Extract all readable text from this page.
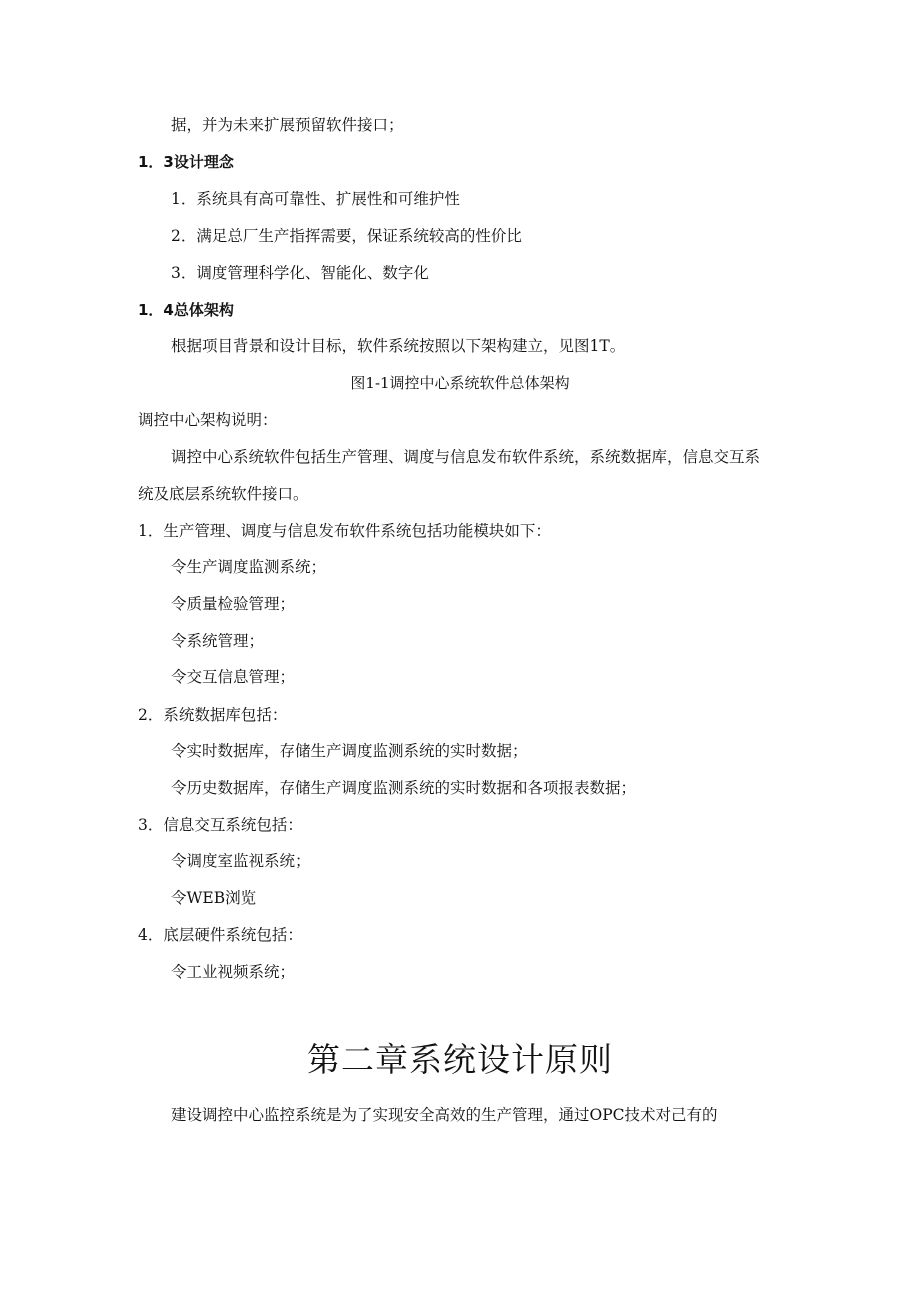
据，并为未来扩展预留软件接口；
1．3设计理念
1．系统具有高可靠性、扩展性和可维护性
2．满足总厂生产指挥需要，保证系统较高的性价比
3．调度管理科学化、智能化、数字化
1．4总体架构
根据项目背景和设计目标，软件系统按照以下架构建立，见图1T。
图1-1调控中心系统软件总体架构
调控中心架构说明：
调控中心系统软件包括生产管理、调度与信息发布软件系统，系统数据库，信息交互系
统及底层系统软件接口。
1．生产管理、调度与信息发布软件系统包括功能模块如下：
令生产调度监测系统；
令质量检验管理；
令系统管理；
令交互信息管理；
2．系统数据库包括：
令实时数据库，存储生产调度监测系统的实时数据；
令历史数据库，存储生产调度监测系统的实时数据和各项报表数据；
3．信息交互系统包括：
令调度室监视系统；
令WEB浏览
4．底层硬件系统包括：
令工业视频系统；
第二章系统设计原则
建设调控中心监控系统是为了实现安全高效的生产管理，通过OPC技术对己有的
